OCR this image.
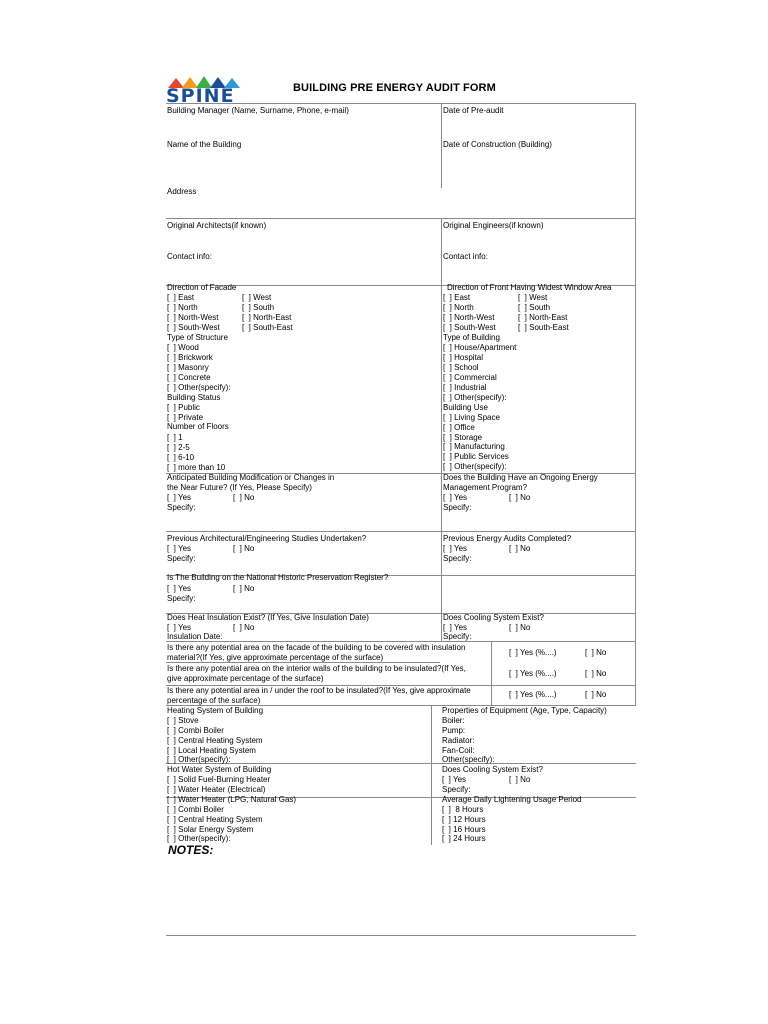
SPINE	BUILDING PRE ENERGY AUDIT FORM
Building Manager (Name, Surname, Phone, e-mail)	Date of Pre-audit
Name of the Building	Date of Construction (Building)
Address
Original Architects(if known)	Original Engineers(if known)
Contact info:	Contact info:
Direction of Facade
[  ] East	[  ] West
[  ] North	[  ] South
[  ] North-West	[  ] North-East
[  ] South-West	[  ] South-East
Direction of Front Having Widest Window Area
[  ] East	[  ] West
[  ] North	[  ] South
[  ] North-West	[  ] North-East
[  ] South-West	[  ] South-East
Type of Structure
[  ] Wood
[  ] Brickwork
[  ] Masonry
[  ] Concrete
[  ] Other(specify):
Type of Building
[  ] House/Apartment
[  ] Hospital
[  ] School
[  ] Commercial
[  ] Industrial
[  ] Other(specify):
Building Status
[  ] Public
[  ] Private
Building Use
[  ] Living Space
[  ] Office
[  ] Storage
[  ] Manufacturing
[  ] Public Services
[  ] Other(specify):
Number of Floors
[  ] 1
[  ] 2-5
[  ] 6-10
[  ] more than 10
Anticipated Building Modification or Changes in
the Near Future? (If Yes, Please Specify)
[  ] Yes	[  ] No
Specify:
Does the Building Have an Ongoing Energy
Management Program?
[  ] Yes	[  ] No
Specify:
Previous Architectural/Engineering Studies Undertaken?
[  ] Yes	[  ] No
Specify:
Previous Energy Audits Completed?
[  ] Yes	[  ] No
Specify:
Is The Building on the National Historic Preservation Register?
[  ] Yes	[  ] No
Specify:
Does Heat Insulation Exist? (If Yes, Give Insulation Date)
[  ] Yes	[  ] No
Insulation Date:
Does Cooling System Exist?
[  ] Yes	[  ] No
Specify:
Is there any potential area on the facade of the building to be covered with insulation
material?(If Yes, give approximate percentage of the surface)
[  ] Yes (%....)	[  ] No
Is there any potential area on the interior walls of the building to be insulated?(If Yes,
give approximate percentage of the surface)
[  ] Yes (%....)	[  ] No
Is there any potential area in / under the roof to be insulated?(If Yes, give approximate
percentage of the surface)
[  ] Yes (%....)	[  ] No
Heating System of Building
[  ] Stove
[  ] Combi Boiler
[  ] Central Heating System
[  ] Local Heating System
[  ] Other(specify):
Properties of Equipment (Age, Type, Capacity)
Boiler:
Pump:
Radiator:
Fan-Coil:
Other(specify):
Hot Water System of Building
[  ] Solid Fuel-Burning Heater
[  ] Water Heater (Electrical)
[  ] Water Heater (LPG, Natural Gas)
[  ] Combi Boiler
[  ] Central Heating System
[  ] Solar Energy System
[  ] Other(specify):
Does Cooling System Exist?
[  ] Yes	[  ] No
Specify:
Average Daily Lightening Usage Period
[  ]  8 Hours
[  ] 12 Hours
[  ] 16 Hours
[  ] 24 Hours
NOTES:
